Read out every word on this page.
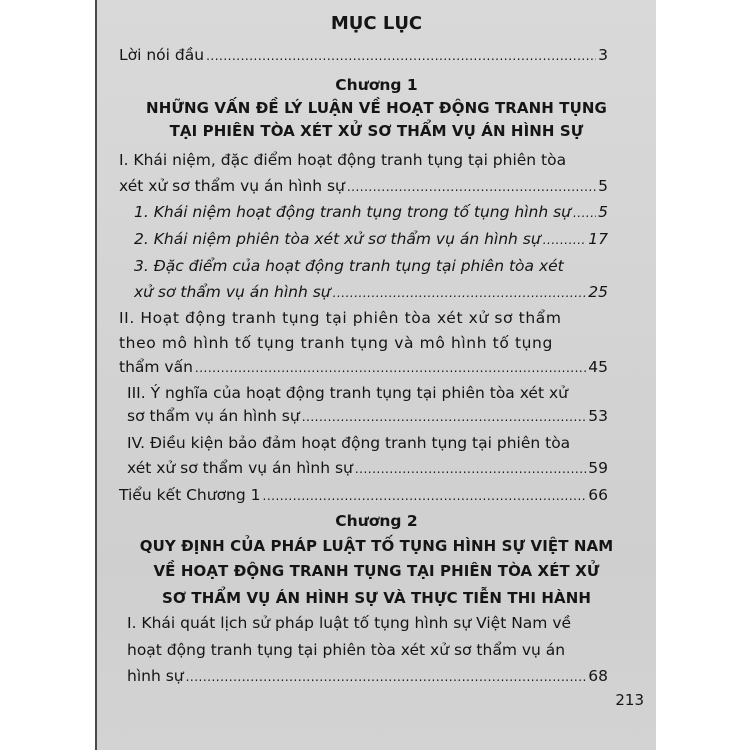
MỤC LỤC
Lời nói đầu .....	3
Chương 1
NHỮNG VẤN ĐỀ LÝ LUẬN VỀ HOẠT ĐỘNG TRANH TỤNG
TẠI PHIÊN TÒA XÉT XỬ SƠ THẨM VỤ ÁN HÌNH SỰ
I. Khái niệm, đặc điểm hoạt động tranh tụng tại phiên tòa
xét xử sơ thẩm vụ án hình sự .....	5
1. Khái niệm hoạt động tranh tụng trong tố tụng hình sự ..... 5
2. Khái niệm phiên tòa xét xử sơ thẩm vụ án hình sự .....	17
3. Đặc điểm của hoạt động tranh tụng tại phiên tòa xét
xử sơ thẩm vụ án hình sự .....	25
II. Hoạt động tranh tụng tại phiên tòa xét xử sơ thẩm
theo mô hình tố tụng tranh tụng và mô hình tố tụng
thẩm vấn .....	45
III. Ý nghĩa của hoạt động tranh tụng tại phiên tòa xét xử
sơ thẩm vụ án hình sự .....	53
IV. Điều kiện bảo đảm hoạt động tranh tụng tại phiên tòa
xét xử sơ thẩm vụ án hình sự .....	59
Tiểu kết Chương 1 .....	66
Chương 2
QUY ĐỊNH CỦA PHÁP LUẬT TỐ TỤNG HÌNH SỰ VIỆT NAM
VỀ HOẠT ĐỘNG TRANH TỤNG TẠI PHIÊN TÒA XÉT XỬ
SƠ THẨM VỤ ÁN HÌNH SỰ VÀ THỰC TIỄN THI HÀNH
I. Khái quát lịch sử pháp luật tố tụng hình sự Việt Nam về
hoạt động tranh tụng tại phiên tòa xét xử sơ thẩm vụ án
hình sự .....	68
213
